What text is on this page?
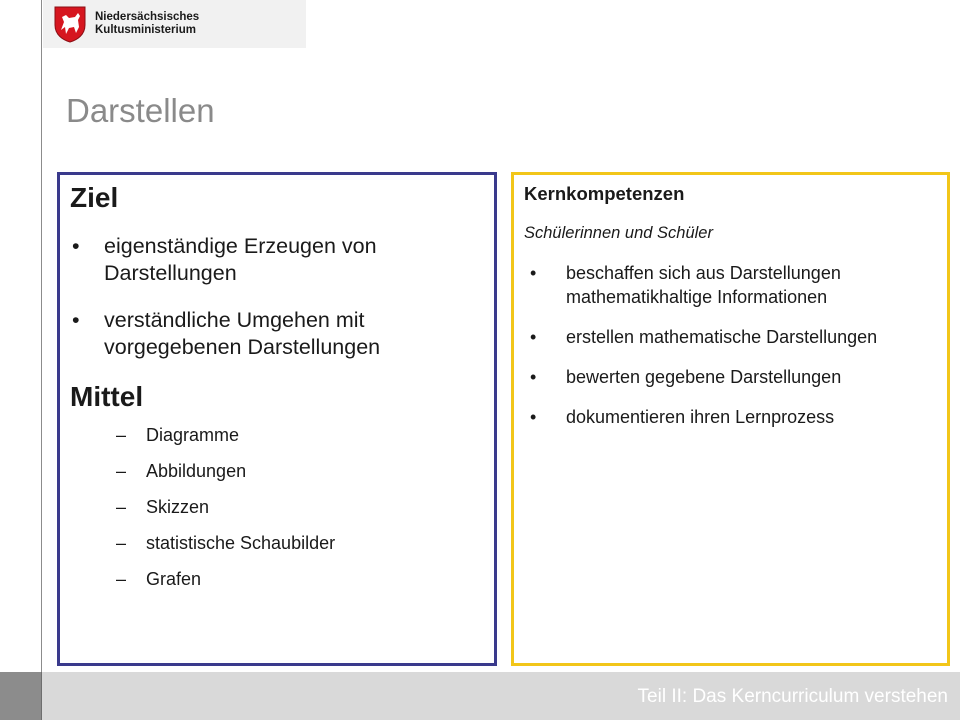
Niedersächsisches
Kultusministerium
Darstellen
Ziel
• eigenständige Erzeugen von Darstellungen
• verständliche Umgehen mit vorgegebenen Darstellungen
Mittel
– Diagramme
– Abbildungen
– Skizzen
– statistische Schaubilder
– Grafen
Kernkompetenzen
Schülerinnen und Schüler
• beschaffen sich aus Darstellungen mathematikhaltige Informationen
• erstellen mathematische Darstellungen
• bewerten gegebene Darstellungen
• dokumentieren ihren Lernprozess
Teil II: Das Kerncurriculum verstehen
